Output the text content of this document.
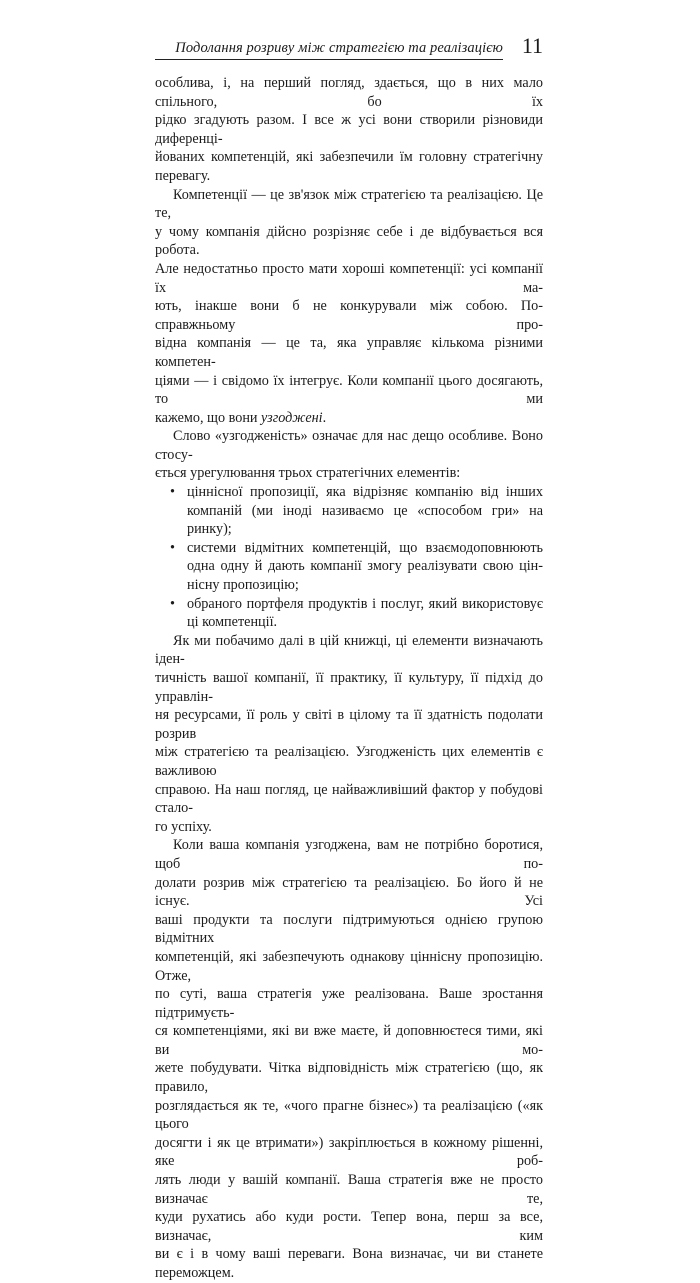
Подолання розриву між стратегією та реалізацією 11

особлива, і, на перший погляд, здається, що в них мало спільного, бо їх

рідко згадують разом. І все ж усі вони створили різновиди диференці-

йованих компетенцій, які забезпечили їм головну стратегічну перевагу.

Компетенції — це зв'язок між стратегією та реалізацією. Це те,

у чому компанія дійсно розрізняє себе і де відбувається вся робота.

Але недостатньо просто мати хороші компетенції: усі компанії їх ма-

ють, інакше вони б не конкурували між собою. По-справжньому про-

відна компанія — це та, яка управляє кількома різними компетен-

ціями — і свідомо їх інтегрує. Коли компанії цього досягають, то ми

кажемо, що вони узгоджені.

Слово «узгодженість» означає для нас дещо особливе. Воно стосу-

ється урегулювання трьох стратегічних елементів:

• ціннісної пропозиції, яка відрізняє компанію від інших

компаній (ми іноді називаємо це «способом гри» на ринку);

• системи відмітних компетенцій, що взаємодоповнюють

одна одну й дають компанії змогу реалізувати свою цін-

нісну пропозицію;

• обраного портфеля продуктів і послуг, який використовує

ці компетенції.

Як ми побачимо далі в цій книжці, ці елементи визначають іден-

тичність вашої компанії, її практику, її культуру, її підхід до управлін-

ня ресурсами, її роль у світі в цілому та її здатність подолати розрив

між стратегією та реалізацією. Узгодженість цих елементів є важливою

справою. На наш погляд, це найважливіший фактор у побудові стало-

го успіху.

Коли ваша компанія узгоджена, вам не потрібно боротися, щоб по-

долати розрив між стратегією та реалізацією. Бо його й не існує. Усі

ваші продукти та послуги підтримуються однією групою відмітних

компетенцій, які забезпечують однакову ціннісну пропозицію. Отже,

по суті, ваша стратегія уже реалізована. Ваше зростання підтримуєть-

ся компетенціями, які ви вже маєте, й доповнюєтеся тими, які ви мо-

жете побудувати. Чітка відповідність між стратегією (що, як правило,

розглядається як те, «чого прагне бізнес») та реалізацією («як цього

досягти і як це втримати») закріплюється в кожному рішенні, яке роб-

лять люди у вашій компанії. Ваша стратегія вже не просто визначає те,

куди рухатись або куди рости. Тепер вона, перш за все, визначає, ким

ви є і в чому ваші переваги. Вона визначає, чи ви станете переможцем.
